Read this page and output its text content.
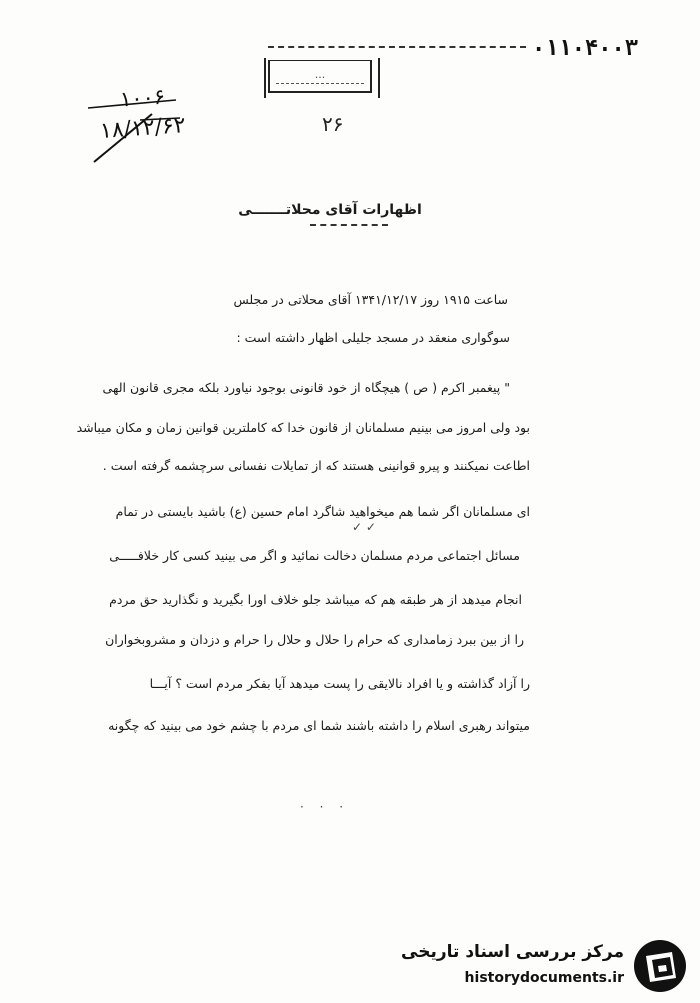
۰۱۱۰۴۰۰۳
...
۲۶
۱۰۰۶
۱۸/۱۲/۶۲
اظهارات آقای محلاتـــــــی
ساعت ۱۹۱۵ روز ۱۳۴۱/۱۲/۱۷ آقای محلاتی در مجلس
سوگواری منعقد در مسجد جلیلی اظهار داشته است :
" پیغمبر اکرم ( ص ) هیچگاه از خود قانونی بوجود نیاورد بلکه مجری قانون الهی
بود ولی امروز می بینیم مسلمانان از قانون خدا که کاملترین قوانین زمان و مکان میباشد
اطاعت نمیکنند و پیرو قوانینی هستند که از تمایلات نفسانی سرچشمه گرفته است .
ای مسلمانان اگر شما هم میخواهید شاگرد امام حسین (ع) باشید بایستی در تمام
✓ ✓
مسائل اجتماعی مردم مسلمان دخالت نمائید و اگر می بینید کسی کار خلافـــــی
انجام میدهد از هر طبقه هم که میباشد جلو خلاف اورا بگیرید و نگذارید حق مردم
را از بین ببرد زمامداری که حرام را حلال و حلال را حرام و دزدان و مشروبخواران
را آزاد گذاشته و یا افراد نالایقی را پست میدهد آیا بفکر مردم است ؟ آیـــا
میتواند رهبری اسلام را داشته باشند شما ای مردم با چشم خود می بینید که چگونه
· · ·
مرکز بررسی اسناد تاریخی
historydocuments.ir
